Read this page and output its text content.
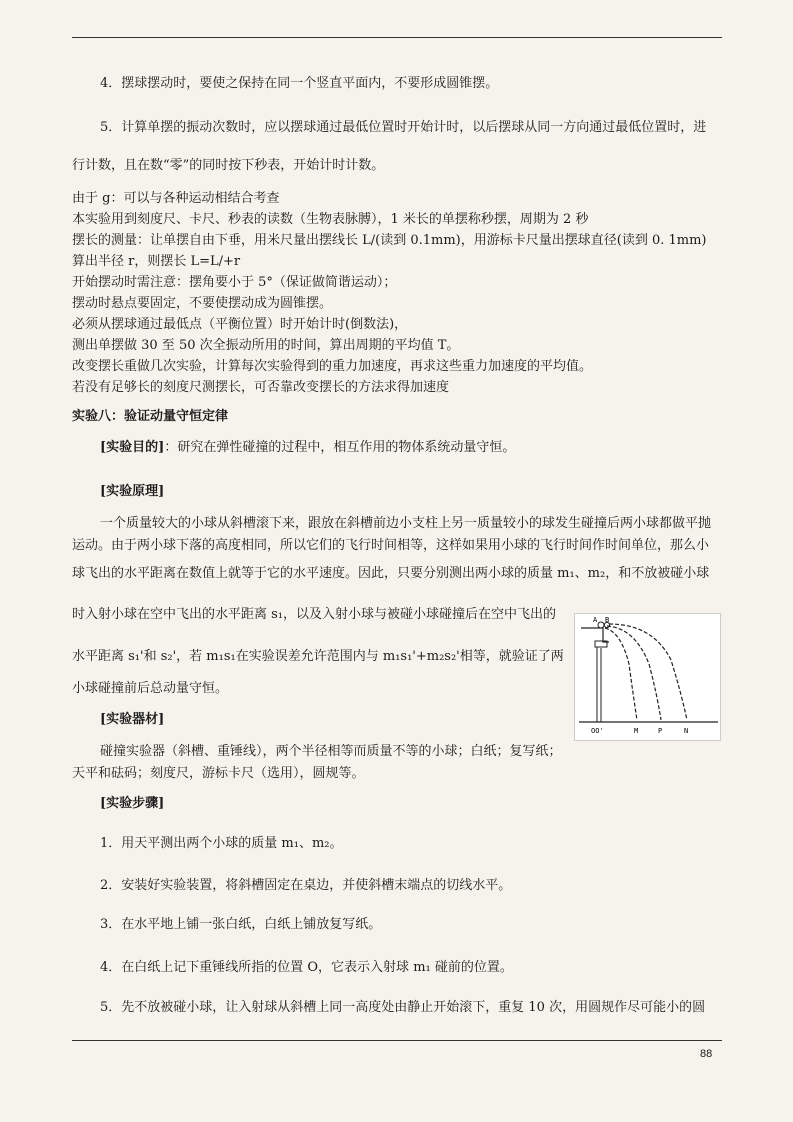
4．摆球摆动时，要使之保持在同一个竖直平面内，不要形成圆锥摆。
5．计算单摆的振动次数时，应以摆球通过最低位置时开始计时，以后摆球从同一方向通过最低位置时，进
行计数，且在数“零”的同时按下秒表，开始计时计数。
由于 g：可以与各种运动相结合考查
本实验用到刻度尺、卡尺、秒表的读数（生物表脉膊），1 米长的单摆称秒摆，周期为 2 秒
摆长的测量：让单摆自由下垂，用米尺量出摆线长 L/(读到 0.1mm)，用游标卡尺量出摆球直径(读到 0. 1mm)
算出半径 r，则摆长 L=L/+r
开始摆动时需注意：摆角要小于 5°（保证做简谐运动）；
摆动时悬点要固定，不要使摆动成为圆锥摆。
必须从摆球通过最低点（平衡位置）时开始计时(倒数法)，
测出单摆做 30 至 50 次全振动所用的时间，算出周期的平均值 T。
改变摆长重做几次实验，计算每次实验得到的重力加速度，再求这些重力加速度的平均值。
若没有足够长的刻度尺测摆长，可否靠改变摆长的方法求得加速度
实验八：验证动量守恒定律
[实验目的]：研究在弹性碰撞的过程中，相互作用的物体系统动量守恒。
[实验原理]
一个质量较大的小球从斜槽滚下来，跟放在斜槽前边小支柱上另一质量较小的球发生碰撞后两小球都做平抛
运动。由于两小球下落的高度相同，所以它们的飞行时间相等，这样如果用小球的飞行时间作时间单位，那么小
球飞出的水平距离在数值上就等于它的水平速度。因此，只要分别测出两小球的质量 m₁、m₂，和不放被碰小球
时入射小球在空中飞出的水平距离 s₁，以及入射小球与被碰小球碰撞后在空中飞出的
水平距离 s₁'和 s₂'，若 m₁s₁在实验误差允许范围内与 m₁s₁'+m₂s₂'相等，就验证了两
小球碰撞前后总动量守恒。
A B
OO'	M	P	N
[实验器材]
碰撞实验器（斜槽、重锤线），两个半径相等而质量不等的小球；白纸；复写纸；
天平和砝码；刻度尺，游标卡尺（选用），圆规等。
[实验步骤]
1．用天平测出两个小球的质量 m₁、m₂。
2．安装好实验装置，将斜槽固定在桌边，并使斜槽末端点的切线水平。
3．在水平地上铺一张白纸，白纸上铺放复写纸。
4．在白纸上记下重锤线所指的位置 O，它表示入射球 m₁ 碰前的位置。
5．先不放被碰小球，让入射球从斜槽上同一高度处由静止开始滚下，重复 10 次，用圆规作尽可能小的圆
88
